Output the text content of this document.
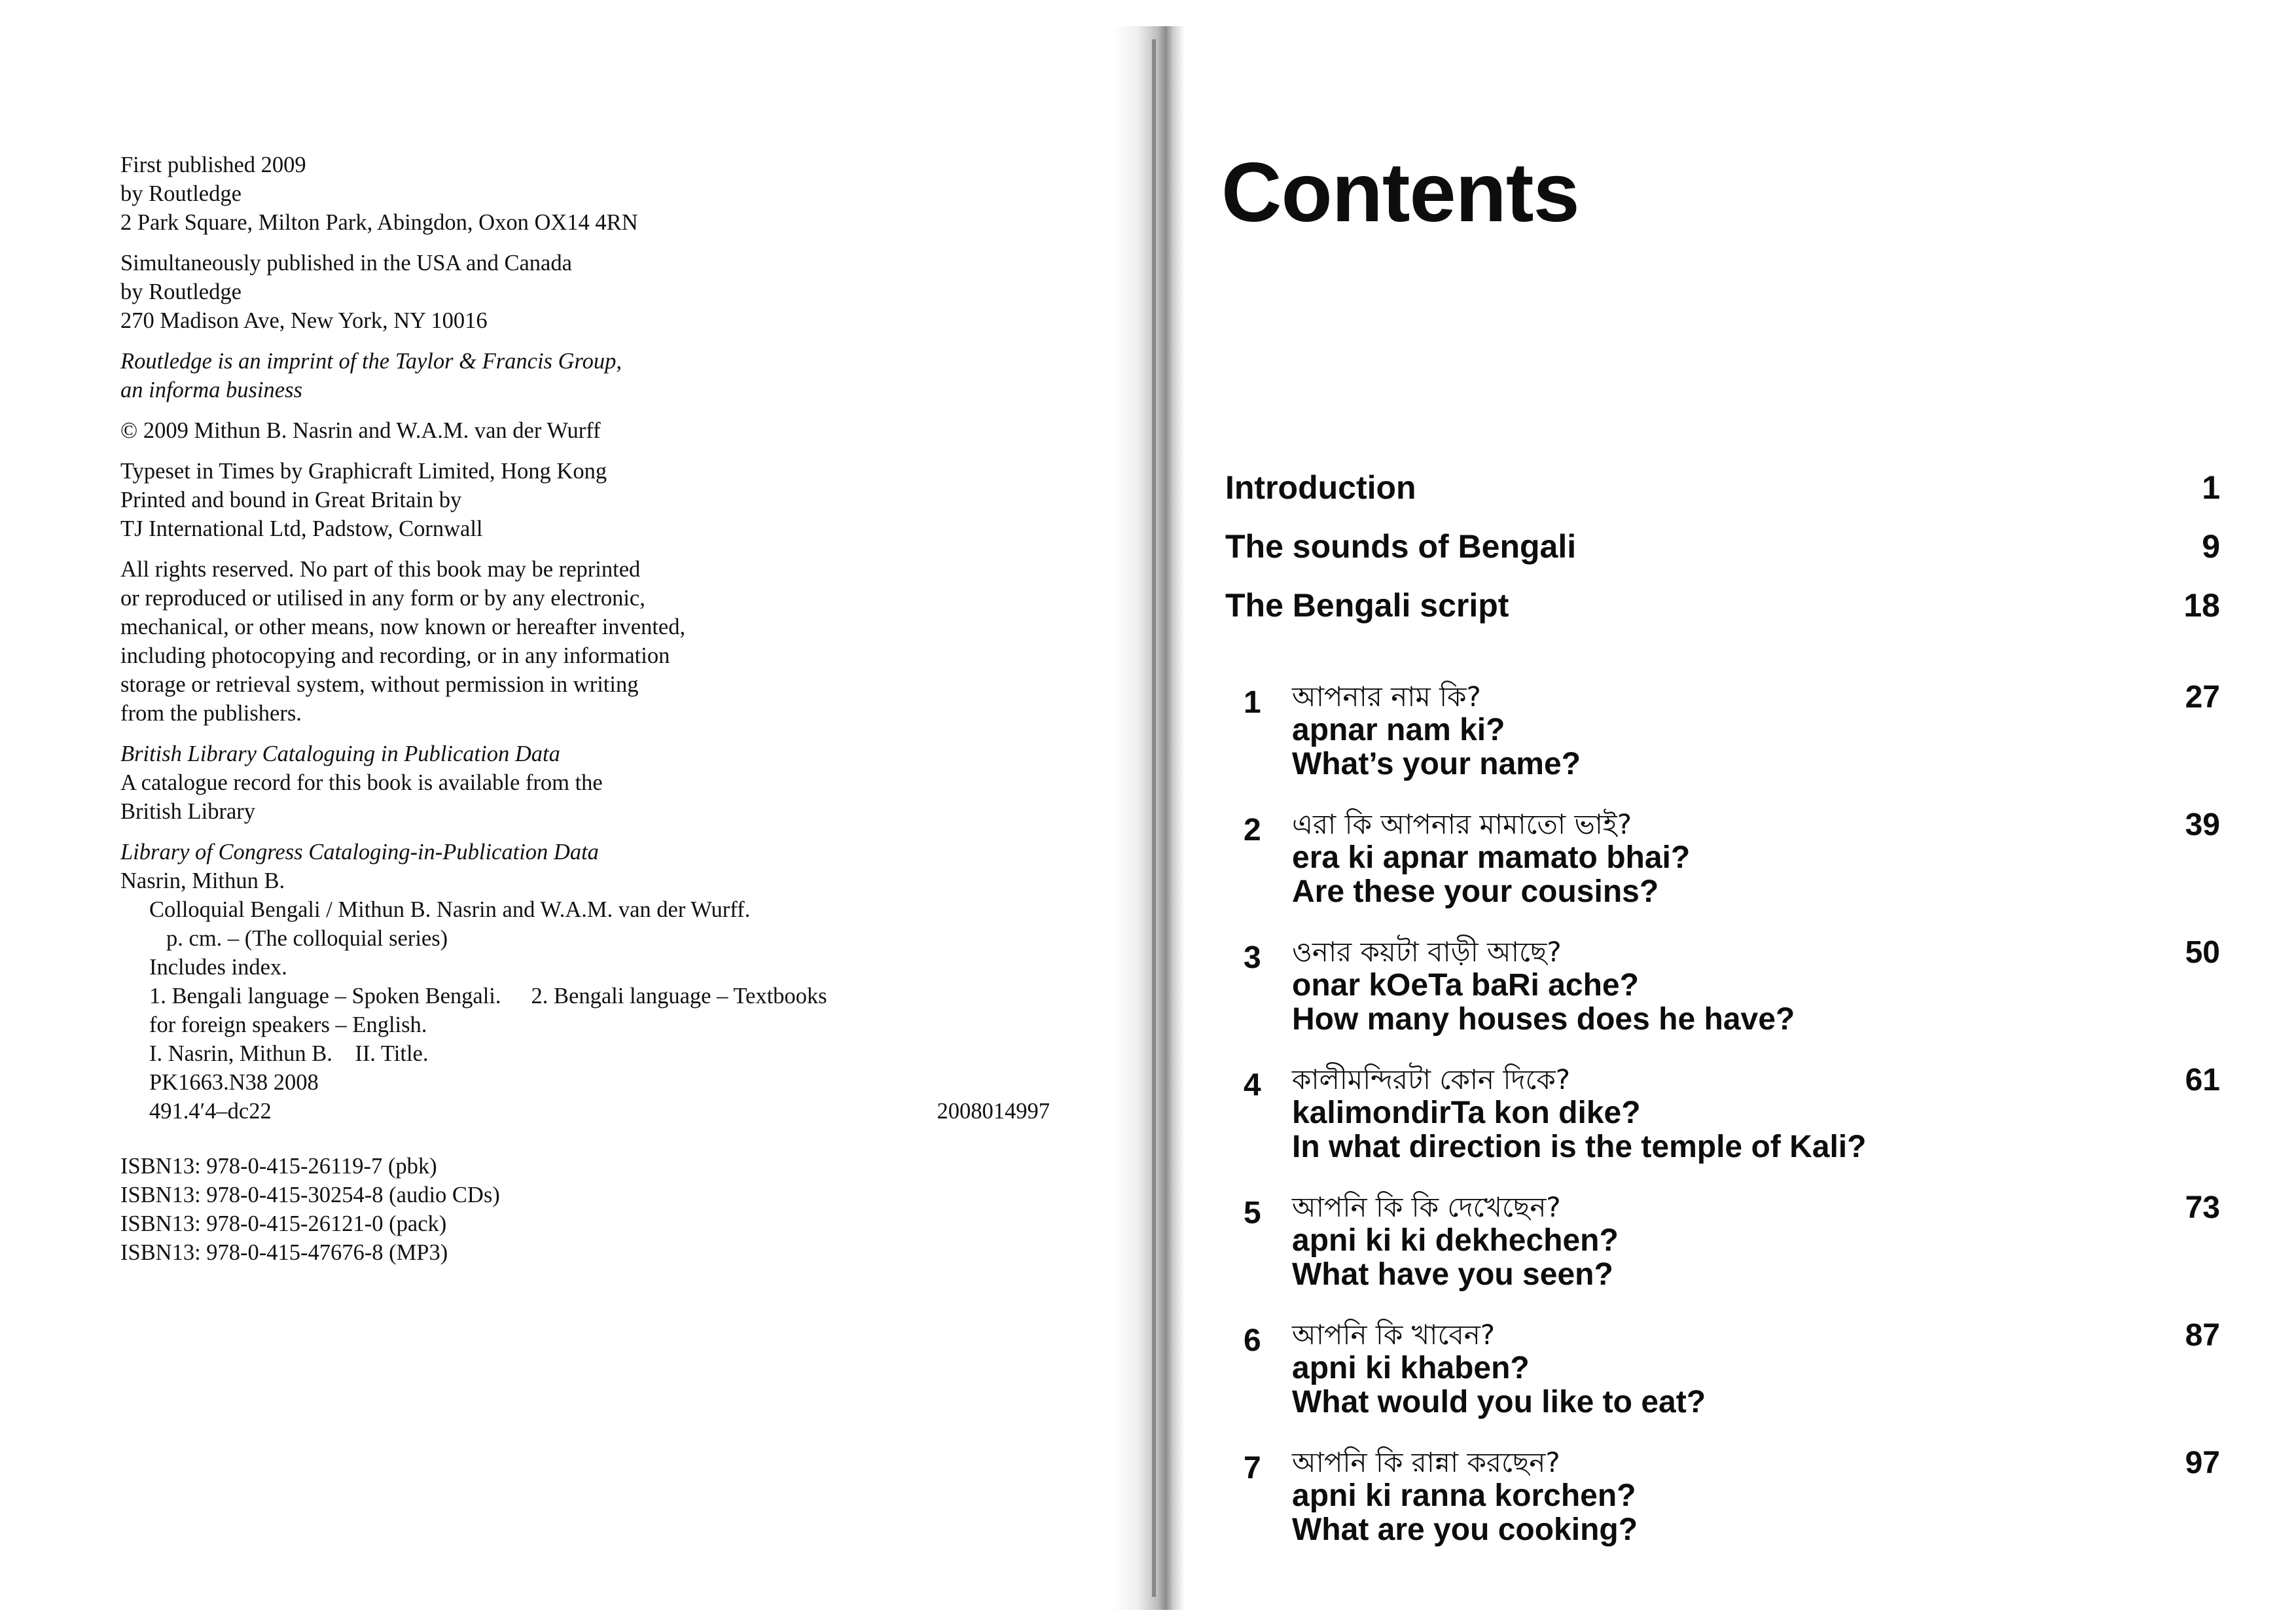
First published 2009
by Routledge
2 Park Square, Milton Park, Abingdon, Oxon OX14 4RN
Simultaneously published in the USA and Canada
by Routledge
270 Madison Ave, New York, NY 10016
Routledge is an imprint of the Taylor & Francis Group,
an informa business
© 2009 Mithun B. Nasrin and W.A.M. van der Wurff
Typeset in Times by Graphicraft Limited, Hong Kong
Printed and bound in Great Britain by
TJ International Ltd, Padstow, Cornwall
All rights reserved. No part of this book may be reprinted
or reproduced or utilised in any form or by any electronic,
mechanical, or other means, now known or hereafter invented,
including photocopying and recording, or in any information
storage or retrieval system, without permission in writing
from the publishers.
British Library Cataloguing in Publication Data
A catalogue record for this book is available from the
British Library
Library of Congress Cataloging-in-Publication Data
Nasrin, Mithun B.
Colloquial Bengali / Mithun B. Nasrin and W.A.M. van der Wurff.
p. cm. – (The colloquial series)
Includes index.
1. Bengali language – Spoken Bengali. 2. Bengali language – Textbooks
for foreign speakers – English.
I. Nasrin, Mithun B.    II. Title.
PK1663.N38 2008
491.4′4–dc22	2008014997
ISBN13: 978-0-415-26119-7 (pbk)
ISBN13: 978-0-415-30254-8 (audio CDs)
ISBN13: 978-0-415-26121-0 (pack)
ISBN13: 978-0-415-47676-8 (MP3)
Contents
Introduction	1
The sounds of Bengali	9
The Bengali script	18
1 আপনার নাম কি?
apnar nam ki?
What’s your name?
27
2 এরা কি আপনার মামাতো ভাই?
era ki apnar mamato bhai?
Are these your cousins?
39
3 ওনার কয়টা বাড়ী আছে?
onar kOeTa baRi ache?
How many houses does he have?
50
4 কালীমন্দিরটা কোন দিকে?
kalimondirTa kon dike?
In what direction is the temple of Kali?
61
5 আপনি কি কি দেখেছেন?
apni ki ki dekhechen?
What have you seen?
73
6 আপনি কি খাবেন?
apni ki khaben?
What would you like to eat?
87
7 আপনি কি রান্না করছেন?
apni ki ranna korchen?
What are you cooking?
97
